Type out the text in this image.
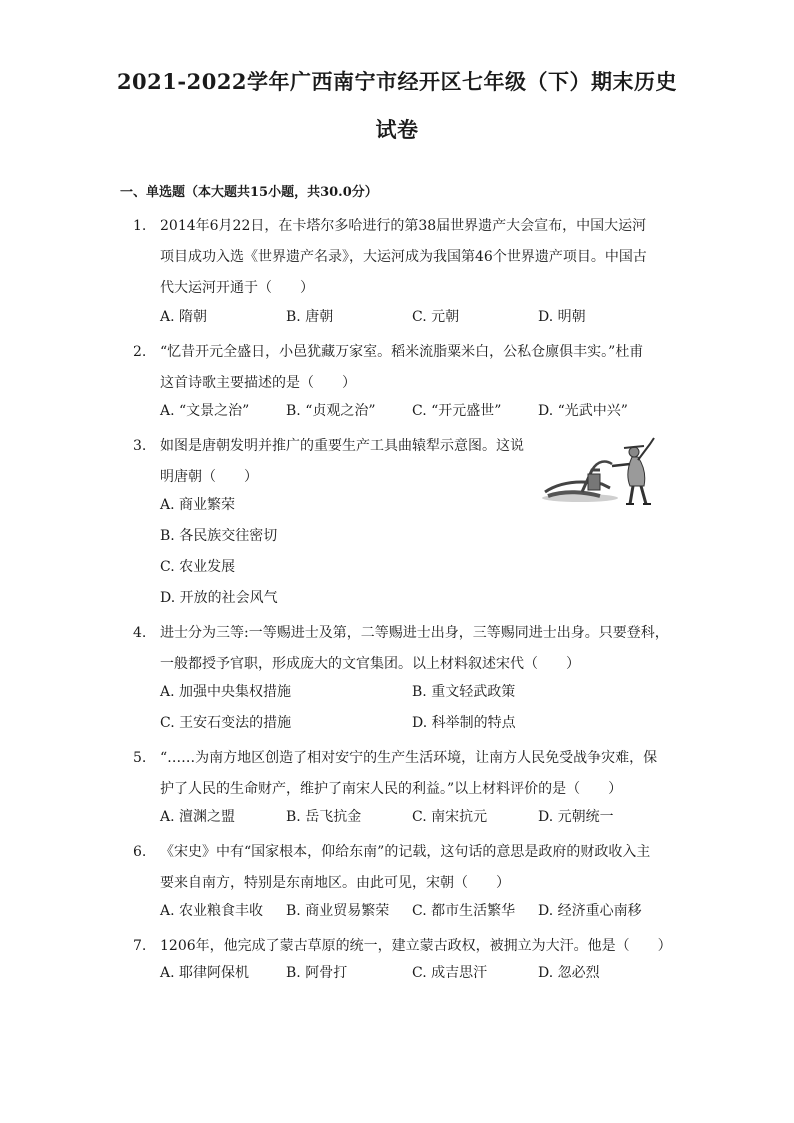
2021-2022学年广西南宁市经开区七年级（下）期末历史
试卷
一、单选题（本大题共15小题，共30.0分）
1. 2014年6月22日，在卡塔尔多哈进行的第38届世界遗产大会宣布，中国大运河
项目成功入选《世界遗产名录》，大运河成为我国第46个世界遗产项目。中国古
代大运河开通于（　　）
A. 隋朝	B. 唐朝	C. 元朝	D. 明朝
2. “忆昔开元全盛日，小邑犹藏万家室。稻米流脂粟米白，公私仓廪俱丰实。”杜甫
这首诗歌主要描述的是（　　）
A. “文景之治”	B. “贞观之治”	C. “开元盛世”	D. “光武中兴”
3. 如图是唐朝发明并推广的重要生产工具曲辕犁示意图。这说
明唐朝（　　）
A. 商业繁荣
B. 各民族交往密切
C. 农业发展
D. 开放的社会风气
4. 进士分为三等:一等赐进士及第，二等赐进士出身，三等赐同进士出身。只要登科，
一般都授予官职，形成庞大的文官集团。以上材料叙述宋代（　　）
A. 加强中央集权措施	B. 重文轻武政策
C. 王安石变法的措施	D. 科举制的特点
5. “……为南方地区创造了相对安宁的生产生活环境，让南方人民免受战争灾难，保
护了人民的生命财产，维护了南宋人民的利益。”以上材料评价的是（　　）
A. 澶渊之盟	B. 岳飞抗金	C. 南宋抗元	D. 元朝统一
6. 《宋史》中有“国家根本，仰给东南”的记载，这句话的意思是政府的财政收入主
要来自南方，特别是东南地区。由此可见，宋朝（　　）
A. 农业粮食丰收 B. 商业贸易繁荣 C. 都市生活繁华 D. 经济重心南移
7. 1206年，他完成了蒙古草原的统一，建立蒙古政权，被拥立为大汗。他是（　　）
A. 耶律阿保机	B. 阿骨打	C. 成吉思汗	D. 忽必烈
